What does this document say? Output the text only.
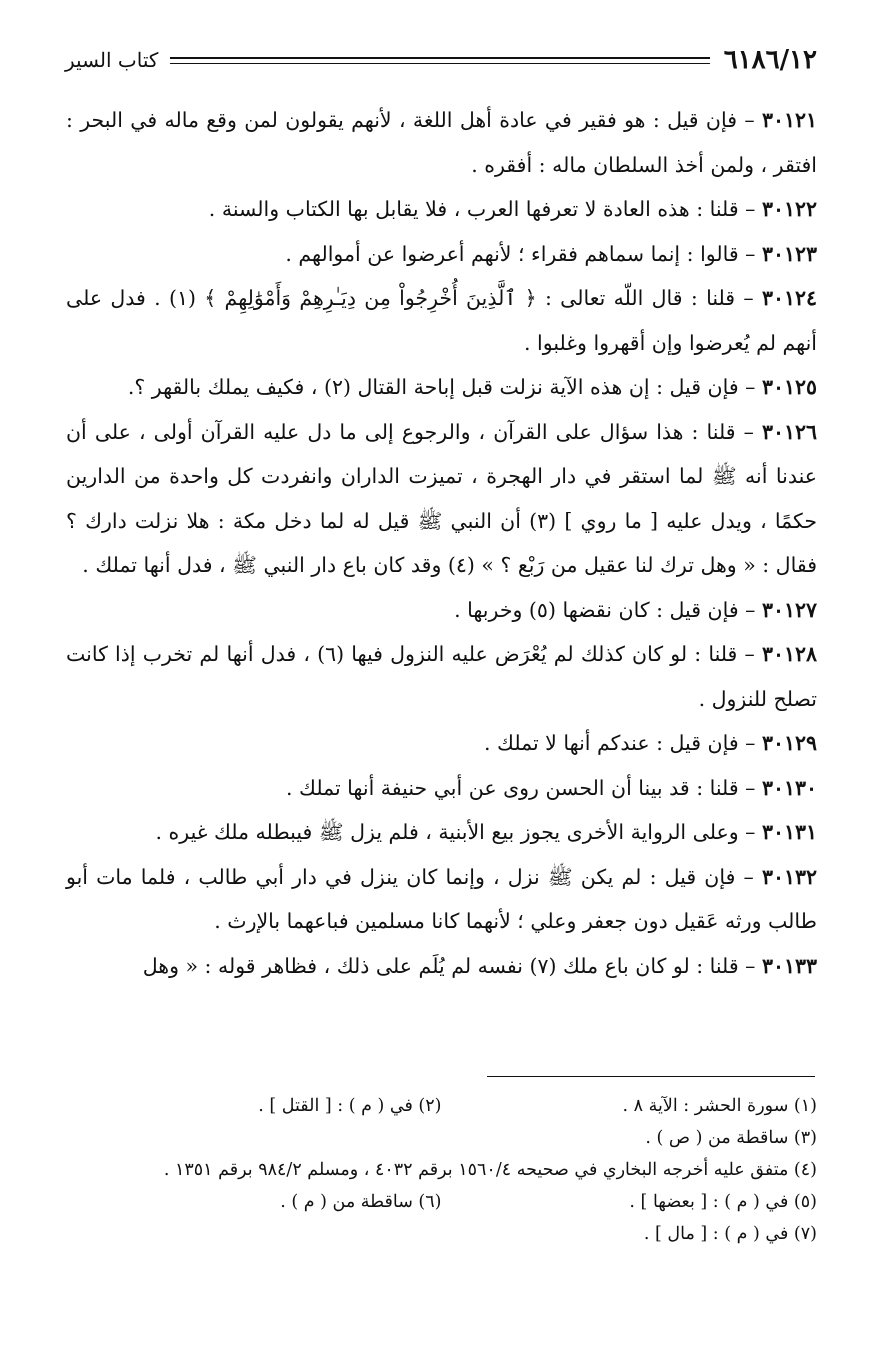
٦١٨٦/١٢
كتاب السير

٣٠١٢١ – فإن قيل : هو فقير في عادة أهل اللغة ، لأنهم يقولون لمن وقع ماله في البحر : افتقر ، ولمن أخذ السلطان ماله : أفقره .

٣٠١٢٢ – قلنا : هذه العادة لا تعرفها العرب ، فلا يقابل بها الكتاب والسنة .

٣٠١٢٣ – قالوا : إنما سماهم فقراء ؛ لأنهم أعرضوا عن أموالهم .

٣٠١٢٤ – قلنا : قال اللّه تعالى : ﴿ ٱلَّذِينَ أُخْرِجُواْ مِن دِيَـٰرِهِمْ وَأَمْوَٰلِهِمْ ﴾ (١) . فدل على أنهم لم يُعرضوا وإن أقهروا وغلبوا .

٣٠١٢٥ – فإن قيل : إن هذه الآية نزلت قبل إباحة القتال (٢) ، فكيف يملك بالقهر ؟.

٣٠١٢٦ – قلنا : هذا سؤال على القرآن ، والرجوع إلى ما دل عليه القرآن أولى ، على أن عندنا أنه ﷺ لما استقر في دار الهجرة ، تميزت الداران وانفردت كل واحدة من الدارين حكمًا ، ويدل عليه [ ما روي ] (٣) أن النبي ﷺ قيل له لما دخل مكة : هلا نزلت دارك ؟ فقال : « وهل ترك لنا عقيل من رَبْع ؟ » (٤) وقد كان باع دار النبي ﷺ ، فدل أنها تملك .

٣٠١٢٧ – فإن قيل : كان نقضها (٥) وخربها .

٣٠١٢٨ – قلنا : لو كان كذلك لم يُعْرَض عليه النزول فيها (٦) ، فدل أنها لم تخرب إذا كانت تصلح للنزول .

٣٠١٢٩ – فإن قيل : عندكم أنها لا تملك .

٣٠١٣٠ – قلنا : قد بينا أن الحسن روى عن أبي حنيفة أنها تملك .

٣٠١٣١ – وعلى الرواية الأخرى يجوز بيع الأبنية ، فلم يزل ﷺ فيبطله ملك غيره .

٣٠١٣٢ – فإن قيل : لم يكن ﷺ نزل ، وإنما كان ينزل في دار أبي طالب ، فلما مات أبو طالب ورثه عَقيل دون جعفر وعلي ؛ لأنهما كانا مسلمين فباعهما بالإرث .

٣٠١٣٣ – قلنا : لو كان باع ملك (٧) نفسه لم يُلَم على ذلك ، فظاهر قوله : « وهل

(١) سورة الحشر : الآية ٨ .
(٢) في ( م ) : [ القتل ] .
(٣) ساقطة من ( ص ) .
(٤) متفق عليه أخرجه البخاري في صحيحه ١٥٦٠/٤ برقم ٤٠٣٢ ، ومسلم ٩٨٤/٢ برقم ١٣٥١ .
(٥) في ( م ) : [ بعضها ] .
(٦) ساقطة من ( م ) .
(٧) في ( م ) : [ مال ] .
